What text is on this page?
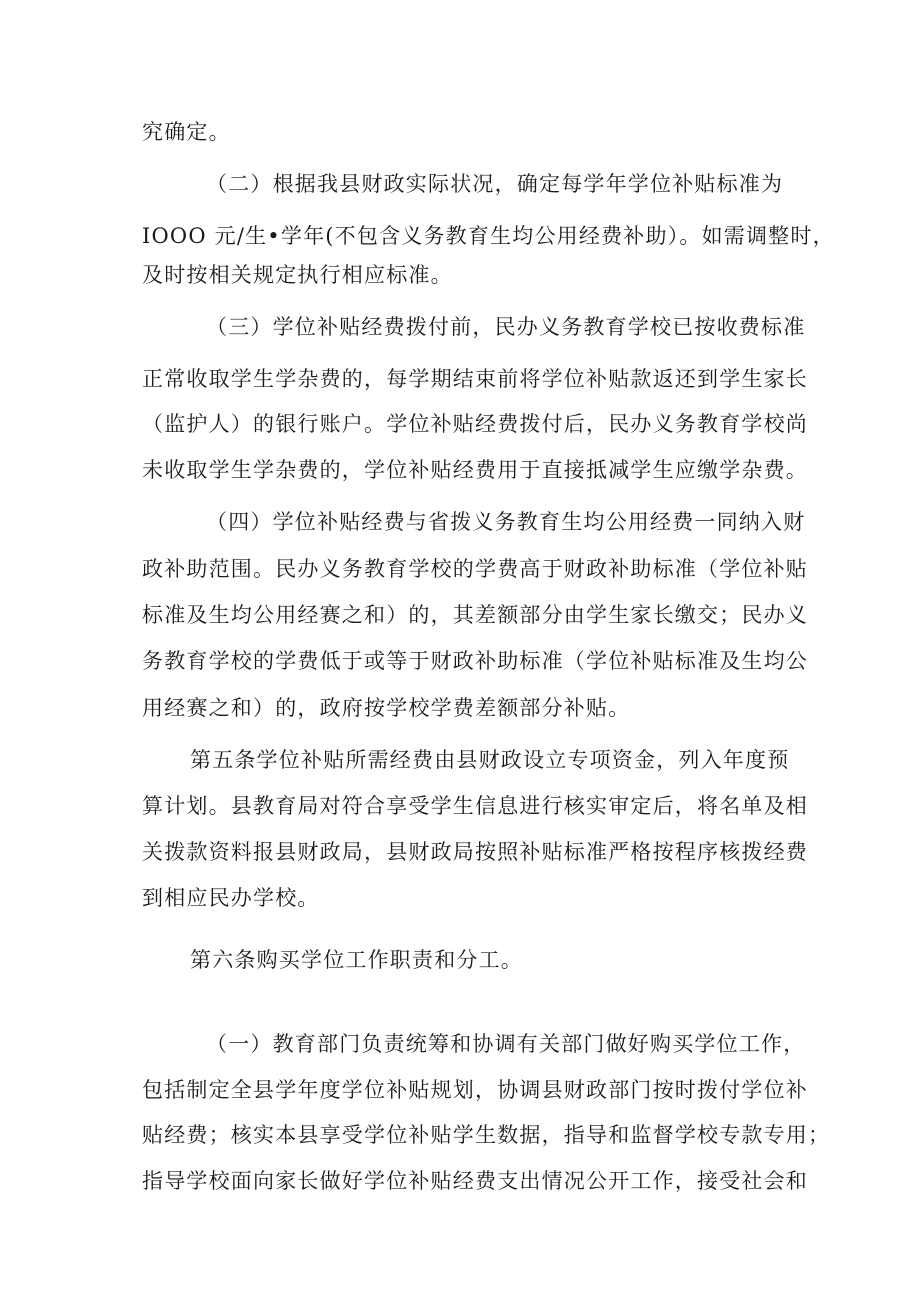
究确定。
（二）根据我县财政实际状况，确定每学年学位补贴标准为
IOOO 元/生•学年(不包含义务教育生均公用经费补助）。如需调整时，
及时按相关规定执行相应标准。
（三）学位补贴经费拨付前，民办义务教育学校已按收费标准
正常收取学生学杂费的，每学期结束前将学位补贴款返还到学生家长
（监护人）的银行账户。学位补贴经费拨付后，民办义务教育学校尚
未收取学生学杂费的，学位补贴经费用于直接抵减学生应缴学杂费。
（四）学位补贴经费与省拨义务教育生均公用经费一同纳入财
政补助范围。民办义务教育学校的学费高于财政补助标准（学位补贴
标准及生均公用经赛之和）的，其差额部分由学生家长缴交；民办义
务教育学校的学费低于或等于财政补助标准（学位补贴标准及生均公
用经赛之和）的，政府按学校学费差额部分补贴。
第五条学位补贴所需经费由县财政设立专项资金，列入年度预
算计划。县教育局对符合享受学生信息进行核实审定后，将名单及相
关拨款资料报县财政局，县财政局按照补贴标准严格按程序核拨经费
到相应民办学校。
第六条购买学位工作职责和分工。
（一）教育部门负责统筹和协调有关部门做好购买学位工作，
包括制定全县学年度学位补贴规划，协调县财政部门按时拨付学位补
贴经费；核实本县享受学位补贴学生数据，指导和监督学校专款专用；
指导学校面向家长做好学位补贴经费支出情况公开工作，接受社会和
